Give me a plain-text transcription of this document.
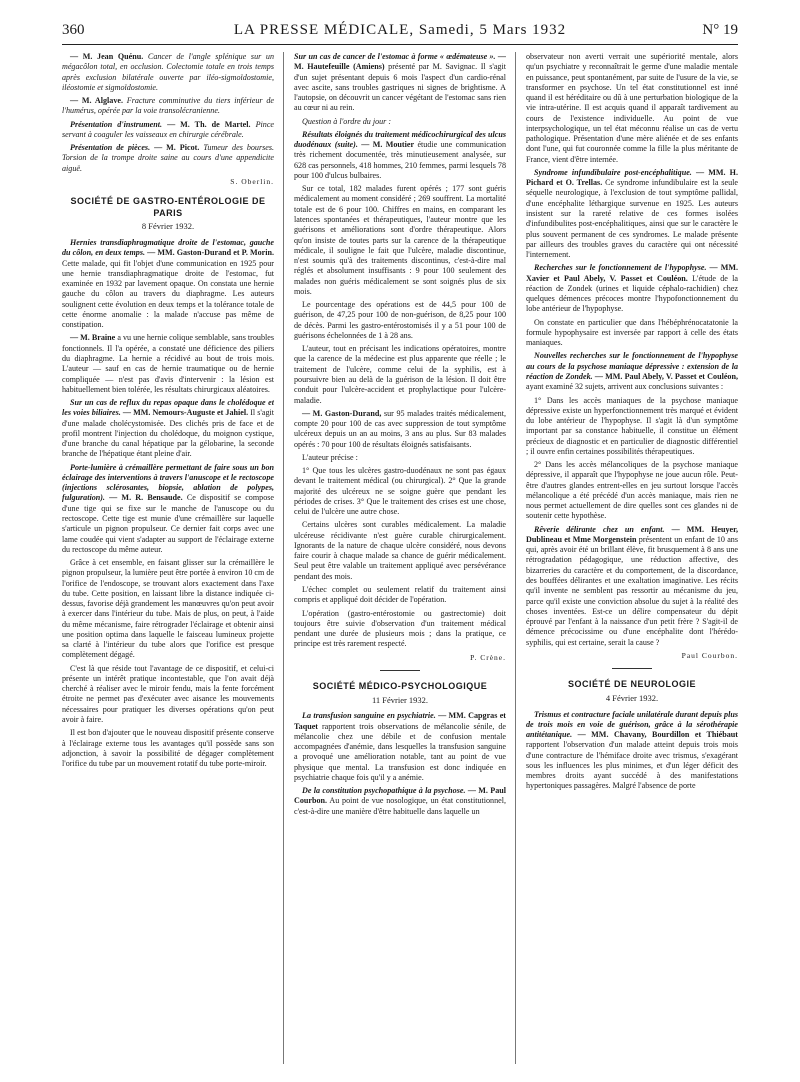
360	LA PRESSE MÉDICALE, Samedi, 5 Mars 1932	N° 19

— M. Jean Quénu. Cancer de l'angle splénique sur un mégacôlon total, en occlusion. Colectomie totale en trois temps après exclusion bilatérale ouverte par iléo-sigmoïdostomie, iléostomie et sigmoïdostomie.

— M. Alglave. Fracture comminutive du tiers inférieur de l'humérus, opérée par la voie transolécranienne.

Présentation d'instrument. — M. Th. de Martel. Pince servant à coaguler les vaisseaux en chirurgie cérébrale.

Présentation de pièces. — M. Picot. Tumeur des bourses. Torsion de la trompe droite saine au cours d'une appendicite aiguë.

S. Oberlin.
SOCIÉTÉ DE GASTRO-ENTÉROLOGIE DE PARIS
8 Février 1932.

Hernies transdiaphragmatique droite de l'estomac, gauche du côlon, en deux temps. — MM. Gaston-Durand et P. Morin. Cette malade, qui fit l'objet d'une communication en 1925 pour une hernie transdiaphragmatique droite de l'estomac, fut examinée en 1932 par lavement opaque. On constata une hernie gauche du côlon au travers du diaphragme. Les auteurs soulignent cette évolution en deux temps et la tolérance totale de cette énorme anomalie : la malade n'accuse pas même de constipation.

— M. Braine a vu une hernie colique semblable, sans troubles fonctionnels. Il l'a opérée, a constaté une déficience des piliers du diaphragme. La hernie a récidivé au bout de trois mois. L'auteur — sauf en cas de hernie traumatique ou de hernie compliquée — n'est pas d'avis d'intervenir : la lésion est habituellement bien tolérée, les résultats chirurgicaux aléatoires.

Sur un cas de reflux du repas opaque dans le cholédoque et les voies biliaires. — MM. Nemours-Auguste et Jahiel. Il s'agit d'une malade cholécystomisée. Des clichés pris de face et de profil montrent l'injection du cholédoque, du moignon cystique, d'une branche du canal hépatique par la gélobarine, la seconde branche de l'hépatique étant pleine d'air.

Porte-lumière à crémaillère permettant de faire sous un bon éclairage des interventions à travers l'anuscope et le rectoscope (injections sclérosantes, biopsie, ablation de polypes, fulguration). — M. R. Bensaude. Ce dispositif se compose d'une tige qui se fixe sur le manche de l'anuscope ou du rectoscope. Cette tige est munie d'une crémaillère sur laquelle s'articule un pignon propulseur. Ce dernier fait corps avec une lame coudée qui vient s'adapter au support de l'éclairage externe du rectoscope du même auteur.

Grâce à cet ensemble, en faisant glisser sur la crémaillère le pignon propulseur, la lumière peut être portée à environ 10 cm de l'orifice de l'endoscope, se trouvant alors exactement dans l'axe du tube. Cette position, en laissant libre la distance indiquée ci-dessus, favorise déjà grandement les manœuvres qu'on peut avoir à exercer dans l'intérieur du tube. Mais de plus, on peut, à l'aide du même mécanisme, faire rétrograder l'éclairage et obtenir ainsi une position optima dans laquelle le faisceau lumineux projette sa clarté à l'intérieur du tube alors que l'orifice est presque complètement dégagé.

C'est là que réside tout l'avantage de ce dispositif, et celui-ci présente un intérêt pratique incontestable, que l'on avait déjà cherché à réaliser avec le miroir fendu, mais la fente forcément étroite ne permet pas d'exécuter avec aisance les mouvements nécessaires pour pratiquer les diverses opérations qu'on peut avoir à faire.

Il est bon d'ajouter que le nouveau dispositif présente conserve à l'éclairage externe tous les avantages qu'il possède sans son adjonction, à savoir la possibilité de dégager complètement l'orifice du tube par un mouvement rotatif du tube porte-miroir.

Sur un cas de cancer de l'estomac à forme « œdémateuse ». — M. Hautefeuille (Amiens) présenté par M. Savignac. Il s'agit d'un sujet présentant depuis 6 mois l'aspect d'un cardio-rénal avec ascite, sans troubles gastriques ni signes de brightisme. A l'autopsie, on découvrit un cancer végétant de l'estomac sans rien au cœur ni au rein.

Question à l'ordre du jour :

Résultats éloignés du traitement médicochirurgical des ulcus duodénaux (suite). — M. Moutier étudie une communication très richement documentée, très minutieusement analysée, sur 628 cas personnels, 418 hommes, 210 femmes, parmi lesquels 78 pour 100 d'ulcus bulbaires.

Sur ce total, 182 malades furent opérés ; 177 sont guéris médicalement au moment considéré ; 269 souffrent. La mortalité totale est de 6 pour 100. Chiffres en mains, en comparant les latences spontanées et thérapeutiques, l'auteur montre que les guérisons et améliorations sont d'ordre thérapeutique. Alors qu'on insiste de toutes parts sur la carence de la thérapeutique médicale, il souligne le fait que l'ulcère, maladie discontinue, n'est soumis qu'à des traitements discontinus, c'est-à-dire mal réglés et absolument insuffisants : 9 pour 100 seulement des malades non guéris médicalement se sont soignés plus de six mois.

Le pourcentage des opérations est de 44,5 pour 100 de guérison, de 47,25 pour 100 de non-guérison, de 8,25 pour 100 de décès. Parmi les gastro-entérostomisés il y a 51 pour 100 de guérisons échelonnées de 1 à 28 ans.

L'auteur, tout en précisant les indications opératoires, montre que la carence de la médecine est plus apparente que réelle ; le traitement de l'ulcère, comme celui de la syphilis, est à poursuivre bien au delà de la guérison de la lésion. Il doit être conduit pour l'ulcère-accident et prophylactique pour l'ulcère-maladie.

— M. Gaston-Durand, sur 95 malades traités médicalement, compte 20 pour 100 de cas avec suppression de tout symptôme ulcéreux depuis un an au moins, 3 ans au plus. Sur 83 malades opérés : 70 pour 100 de résultats éloignés satisfaisants.

L'auteur précise :

1° Que tous les ulcères gastro-duodénaux ne sont pas égaux devant le traitement médical (ou chirurgical). 2° Que la grande majorité des ulcéreux ne se soigne guère que pendant les périodes de crises. 3° Que le traitement des crises est une chose, celui de l'ulcère une autre chose.

Certains ulcères sont curables médicalement. La maladie ulcéreuse récidivante n'est guère curable chirurgicalement. Ignorants de la nature de chaque ulcère considéré, nous devons faire courir à chaque malade sa chance de guérir médicalement. Seul peut être valable un traitement appliqué avec persévérance pendant des mois.

L'échec complet ou seulement relatif du traitement ainsi compris et appliqué doit décider de l'opération.

L'opération (gastro-entérostomie ou gastrectomie) doit toujours être suivie d'observation d'un traitement médical pendant une durée de plusieurs mois ; dans la pratique, ce principe est très rarement respecté.

P. Crène.
SOCIÉTÉ MÉDICO-PSYCHOLOGIQUE
11 Février 1932.

La transfusion sanguine en psychiatrie. — MM. Capgras et Taquet rapportent trois observations de mélancolie sénile, de mélancolie chez une débile et de confusion mentale accompagnées d'anémie, dans lesquelles la transfusion sanguine a provoqué une amélioration notable, tant au point de vue physique que mental. La transfusion est donc indiquée en psychiatrie chaque fois qu'il y a anémie.

De la constitution psychopathique à la psychose. — M. Paul Courbon. Au point de vue nosologique, un état constitutionnel, c'est-à-dire une manière d'être habituelle dans laquelle un

observateur non averti verrait une supériorité mentale, alors qu'un psychiatre y reconnaîtrait le germe d'une maladie mentale en puissance, peut spontanément, par suite de l'usure de la vie, se transformer en psychose. Un tel état constitutionnel est inné quand il est héréditaire ou dû à une perturbation biologique de la vie intra-utérine. Il est acquis quand il apparaît tardivement au cours de l'existence individuelle. Au point de vue interpsychologique, un tel état méconnu réalise un cas de vertu pathologique. Présentation d'une mère aliénée et de ses enfants dont l'une, qui fut couronnée comme la fille la plus méritante de France, vient d'être internée.

Syndrome infundibulaire post-encéphalitique. — MM. H. Pichard et O. Trellas. Ce syndrome infundibulaire est la seule séquelle neurologique, à l'exclusion de tout symptôme pallidal, d'une encéphalite léthargique survenue en 1925. Les auteurs insistent sur la rareté relative de ces formes isolées d'infundibulites post-encéphalitiques, ainsi que sur le caractère le plus souvent permanent de ces syndromes. Le malade présente par ailleurs des troubles graves du caractère qui ont nécessité l'internement.

Recherches sur le fonctionnement de l'hypophyse. — MM. Xavier et Paul Abely, V. Passet et Couléon. L'étude de la réaction de Zondek (urines et liquide céphalo-rachidien) chez quelques démences précoces montre l'hypofonctionnement du lobe antérieur de l'hypophyse.

On constate en particulier que dans l'hébéphrénocatatonie la formule hypophysaire est inversée par rapport à celle des états maniaques.

Nouvelles recherches sur le fonctionnement de l'hypophyse au cours de la psychose maniaque dépressive : extension de la réaction de Zondek. — MM. Paul Abely, V. Passet et Couléon, ayant examiné 32 sujets, arrivent aux conclusions suivantes :

1° Dans les accès maniaques de la psychose maniaque dépressive existe un hyperfonctionnement très marqué et évident du lobe antérieur de l'hypophyse. Il s'agit là d'un symptôme important par sa constance habituelle, il constitue un élément précieux de diagnostic et en particulier de diagnostic différentiel ; il ouvre enfin certaines possibilités thérapeutiques.

2° Dans les accès mélancoliques de la psychose maniaque dépressive, il apparaît que l'hypophyse ne joue aucun rôle. Peut-être d'autres glandes entrent-elles en jeu surtout lorsque l'accès mélancolique a été précédé d'un accès maniaque, mais rien ne nous permet actuellement de dire quelles sont ces glandes ni de soutenir cette hypothèse.

Rêverie délirante chez un enfant. — MM. Heuyer, Dublineau et Mme Morgenstein présentent un enfant de 10 ans qui, après avoir été un brillant élève, fit brusquement à 8 ans une rétrogradation pédagogique, une réduction affective, des bizarreries du caractère et du comportement, de la discordance, des bouffées délirantes et une exaltation imaginative. Les récits qu'il invente ne semblent pas ressortir au mécanisme du jeu, parce qu'il existe une conviction absolue du sujet à la réalité des choses inventées. Est-ce un délire compensateur du dépit éprouvé par l'enfant à la naissance d'un petit frère ? S'agit-il de démence précocissime ou d'une encéphalite dont l'hérédo-syphilis, qui est certaine, serait la cause ?

Paul Courbon.
SOCIÉTÉ DE NEUROLOGIE
4 Février 1932.

Trismus et contracture faciale unilatérale durant depuis plus de trois mois en voie de guérison, grâce à la sérothérapie antitétanique. — MM. Chavany, Bourdillon et Thiébaut rapportent l'observation d'un malade atteint depuis trois mois d'une contracture de l'hémiface droite avec trismus, s'exagérant sous les influences les plus minimes, et d'un léger déficit des membres droits ayant succédé à des manifestations hypertoniques passagères. Malgré l'absence de porte
